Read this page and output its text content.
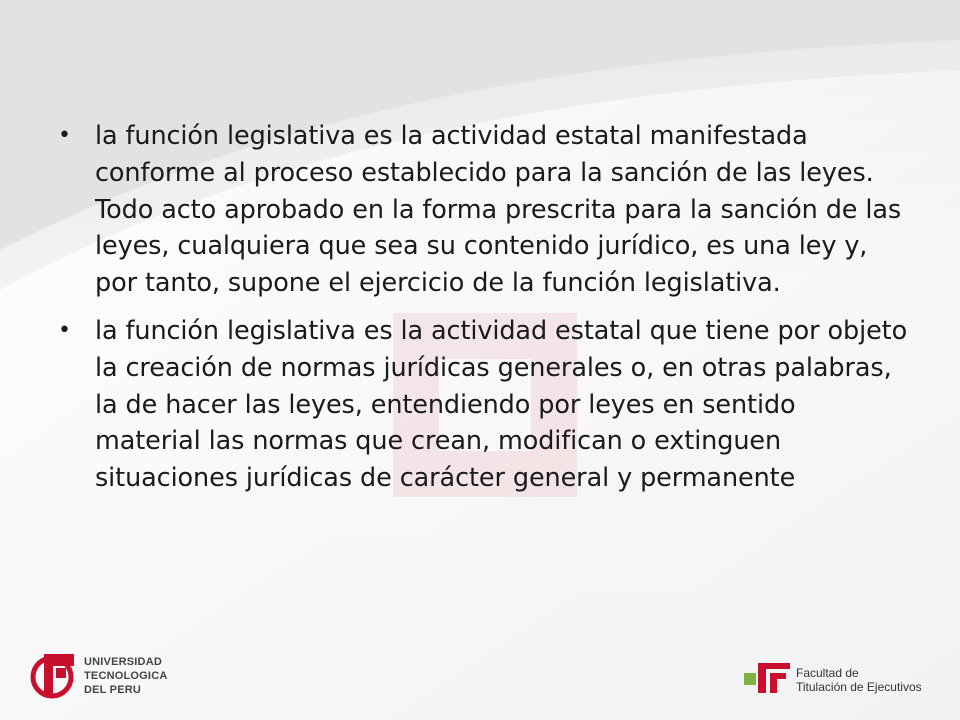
• la función legislativa es la actividad estatal manifestada conforme al proceso establecido para la sanción de las leyes. Todo acto aprobado en la forma prescrita para la sanción de las leyes, cualquiera que sea su contenido jurídico, es una ley y, por tanto, supone el ejercicio de la función legislativa.
• la función legislativa es la actividad estatal que tiene por objeto la creación de normas jurídicas generales o, en otras palabras, la de hacer las leyes, entendiendo por leyes en sentido material las normas que crean, modifican o extinguen situaciones jurídicas de carácter general y permanente
UNIVERSIDAD
TECNOLOGICA
DEL PERU
Facultad de
Titulación de Ejecutivos
